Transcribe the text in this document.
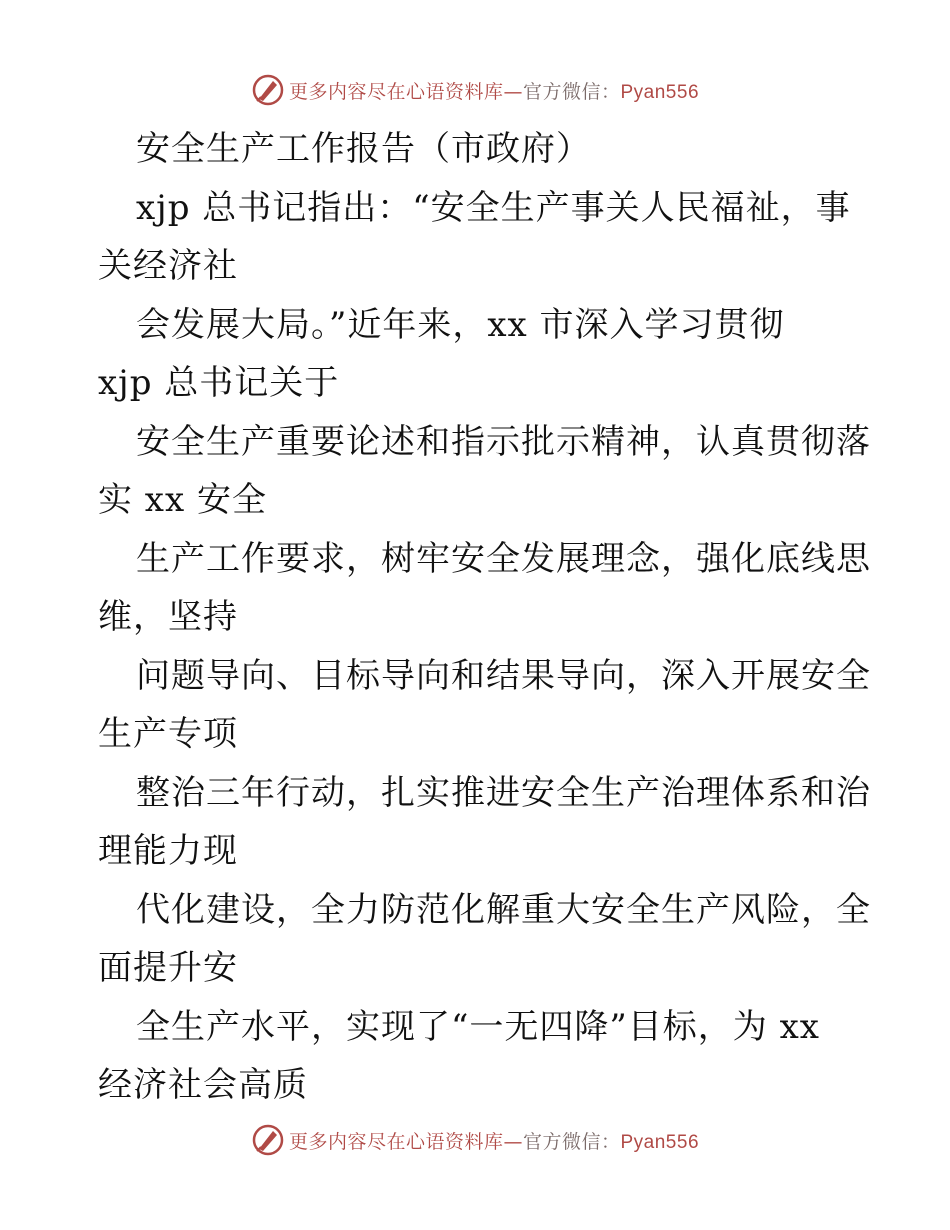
更多内容尽在心语资料库—官方微信：Pyan556
安全生产工作报告（市政府）
xjp 总书记指出：“安全生产事关人民福祉，事
关经济社
会发展大局。”近年来，xx 市深入学习贯彻
xjp 总书记关于
安全生产重要论述和指示批示精神，认真贯彻落
实 xx 安全
生产工作要求，树牢安全发展理念，强化底线思
维，坚持
问题导向、目标导向和结果导向，深入开展安全
生产专项
整治三年行动，扎实推进安全生产治理体系和治
理能力现
代化建设，全力防范化解重大安全生产风险，全
面提升安
全生产水平，实现了“一无四降”目标，为 xx
经济社会高质
更多内容尽在心语资料库—官方微信：Pyan556
